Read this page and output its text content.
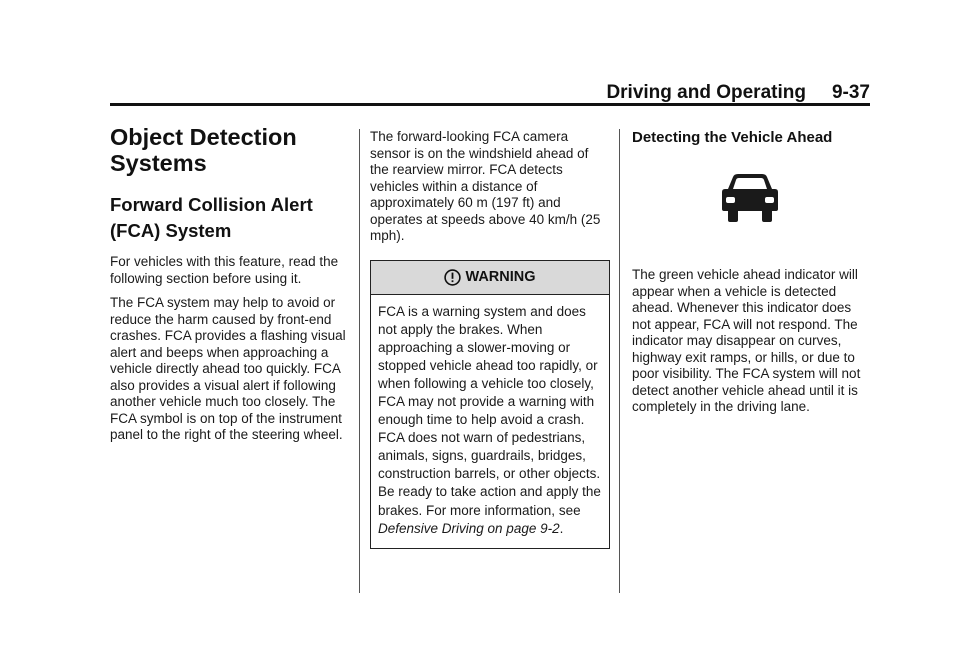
Driving and Operating 9-37
Object Detection Systems
Forward Collision Alert (FCA) System

For vehicles with this feature, read the following section before using it.

The FCA system may help to avoid or reduce the harm caused by front-end crashes. FCA provides a flashing visual alert and beeps when approaching a vehicle directly ahead too quickly. FCA also provides a visual alert if following another vehicle much too closely. The FCA symbol is on top of the instrument panel to the right of the steering wheel.

The forward-looking FCA camera sensor is on the windshield ahead of the rearview mirror. FCA detects vehicles within a distance of approximately 60 m (197 ft) and operates at speeds above 40 km/h (25 mph).

WARNING

FCA is a warning system and does not apply the brakes. When approaching a slower-moving or stopped vehicle ahead too rapidly, or when following a vehicle too closely, FCA may not provide a warning with enough time to help avoid a crash. FCA does not warn of pedestrians, animals, signs, guardrails, bridges, construction barrels, or other objects. Be ready to take action and apply the brakes. For more information, see
Defensive Driving on page 9-2.

Detecting the Vehicle Ahead

The green vehicle ahead indicator will appear when a vehicle is detected ahead. Whenever this indicator does not appear, FCA will not respond. The indicator may disappear on curves, highway exit ramps, or hills, or due to poor visibility. The FCA system will not detect another vehicle ahead until it is completely in the driving lane.
